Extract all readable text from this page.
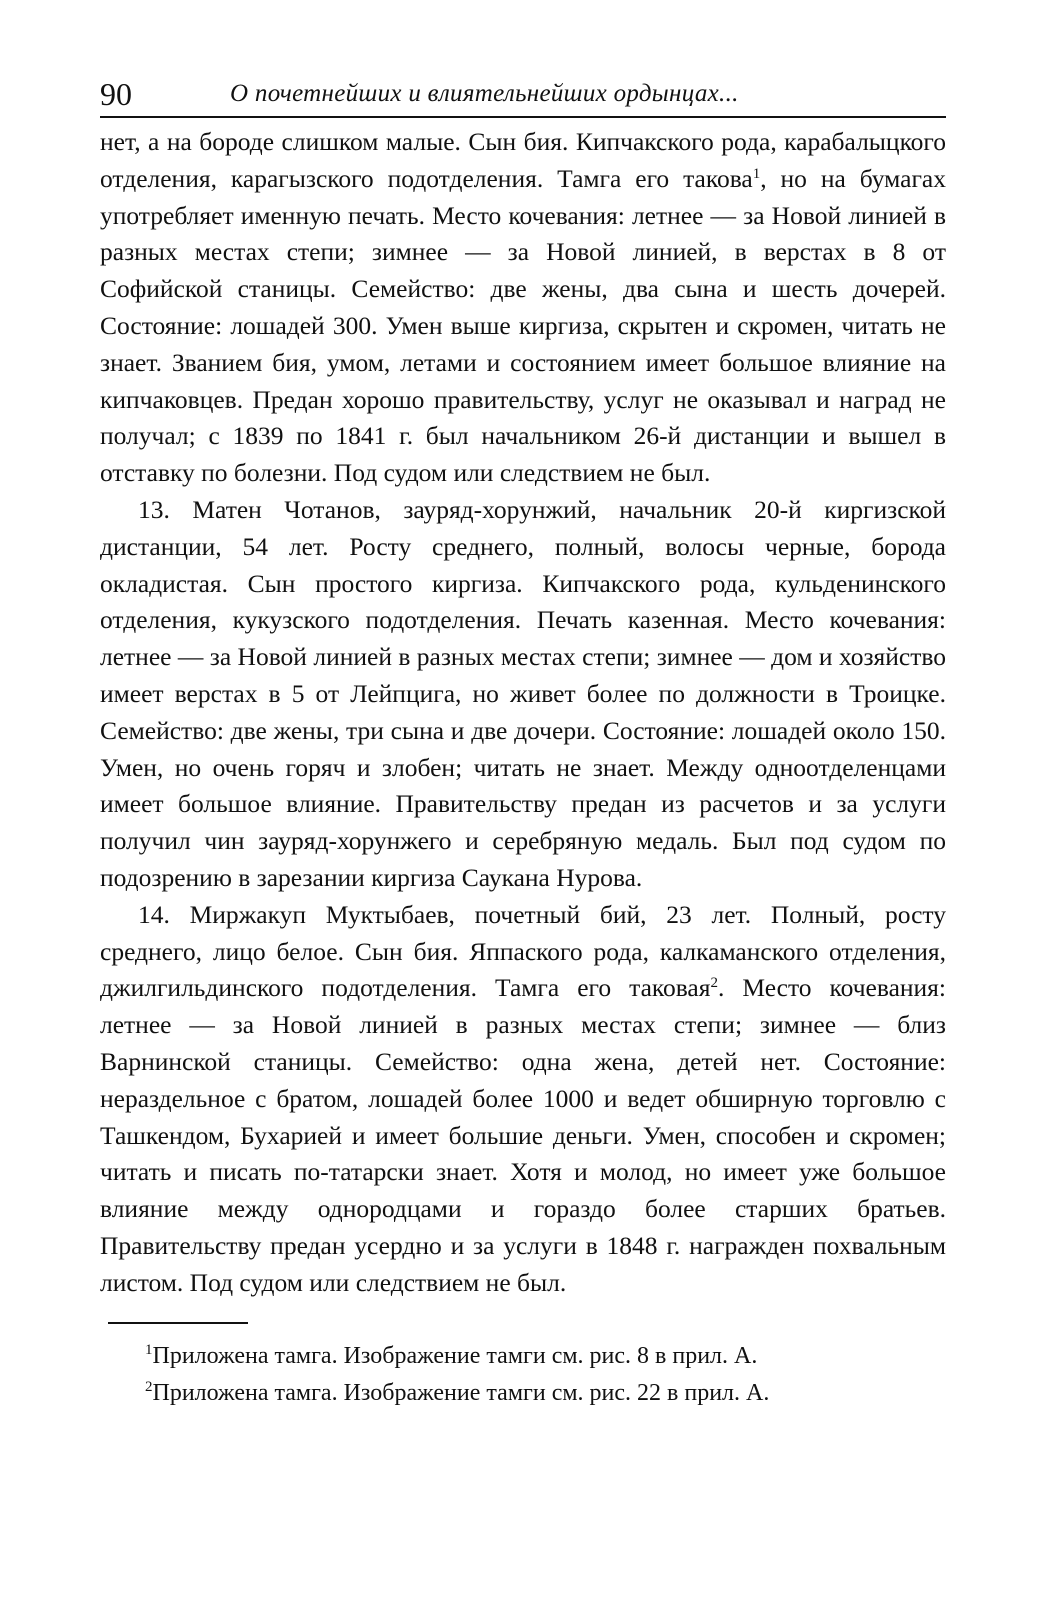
90	О почетнейших и влиятельнейших ордынцах...

нет, а на бороде слишком малые. Сын бия. Кипчакского рода, карабалыцкого отделения, карагызского подотделения. Тамга его такова$^1$, но на бумагах употребляет именную печать. Место кочевания: летнее — за Новой линией в разных местах степи; зимнее — за Новой линией, в верстах в 8 от Софийской станицы. Семейство: две жены, два сына и шесть дочерей. Состояние: лошадей 300. Умен выше киргиза, скрытен и скромен, читать не знает. Званием бия, умом, летами и состоянием имеет большое влияние на кипчаковцев. Предан хорошо правительству, услуг не оказывал и наград не получал; с 1839 по 1841 г. был начальником 26-й дистанции и вышел в отставку по болезни. Под судом или следствием не был.

13. Матен Чотанов, зауряд-хорунжий, начальник 20-й киргизской дистанции, 54 лет. Росту среднего, полный, волосы черные, борода окладистая. Сын простого киргиза. Кипчакского рода, кульденинского отделения, кукузского подотделения. Печать казенная. Место кочевания: летнее — за Новой линией в разных местах степи; зимнее — дом и хозяйство имеет верстах в 5 от Лейпцига, но живет более по должности в Троицке. Семейство: две жены, три сына и две дочери. Состояние: лошадей около 150. Умен, но очень горяч и злобен; читать не знает. Между одноотделенцами имеет большое влияние. Правительству предан из расчетов и за услуги получил чин зауряд-хорунжего и серебряную медаль. Был под судом по подозрению в зарезании киргиза Саукана Нурова.

14. Миржакуп Муктыбаев, почетный бий, 23 лет. Полный, росту среднего, лицо белое. Сын бия. Яппаского рода, калкаманского отделения, джилгильдинского подотделения. Тамга его таковая$^2$. Место кочевания: летнее — за Новой линией в разных местах степи; зимнее — близ Варнинской станицы. Семейство: одна жена, детей нет. Состояние: нераздельное с братом, лошадей более 1000 и ведет обширную торговлю с Ташкендом, Бухарией и имеет большие деньги. Умен, способен и скромен; читать и писать по-татарски знает. Хотя и молод, но имеет уже большое влияние между однородцами и гораздо более старших братьев. Правительству предан усердно и за услуги в 1848 г. награжден похвальным листом. Под судом или следствием не был.

$^1$Приложена тамга. Изображение тамги см. рис. 8 в прил. А.
$^2$Приложена тамга. Изображение тамги см. рис. 22 в прил. А.
